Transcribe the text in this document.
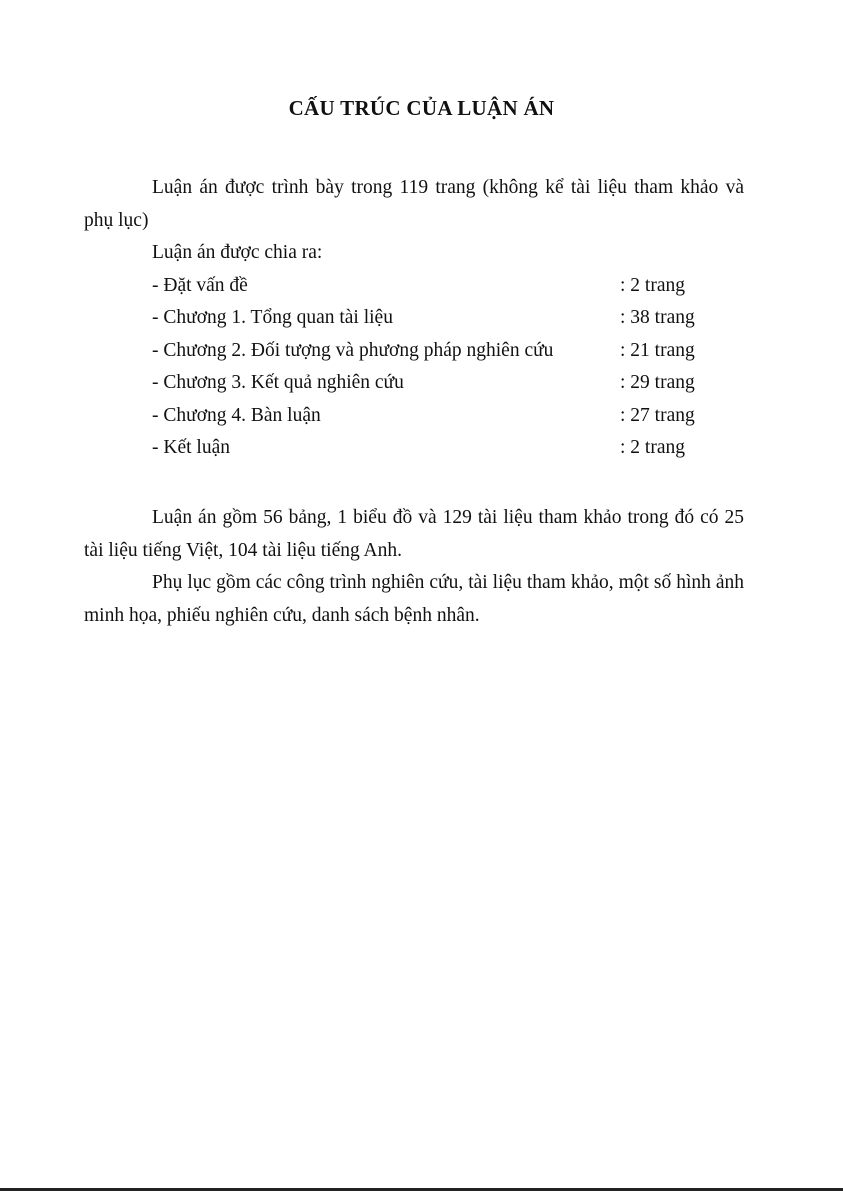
CẤU TRÚC CỦA LUẬN ÁN

Luận án được trình bày trong 119 trang (không kể tài liệu tham khảo và phụ lục)

Luận án được chia ra:

- Đặt vấn đề	: 2 trang
- Chương 1. Tổng quan tài liệu	: 38 trang
- Chương 2. Đối tượng và phương pháp nghiên cứu	: 21 trang
- Chương 3. Kết quả nghiên cứu	: 29 trang
- Chương 4. Bàn luận	: 27 trang
- Kết luận	: 2 trang

Luận án gồm 56 bảng, 1 biểu đồ và 129 tài liệu tham khảo trong đó có 25 tài liệu tiếng Việt, 104 tài liệu tiếng Anh.

Phụ lục gồm các công trình nghiên cứu, tài liệu tham khảo, một số hình ảnh minh họa, phiếu nghiên cứu, danh sách bệnh nhân.
